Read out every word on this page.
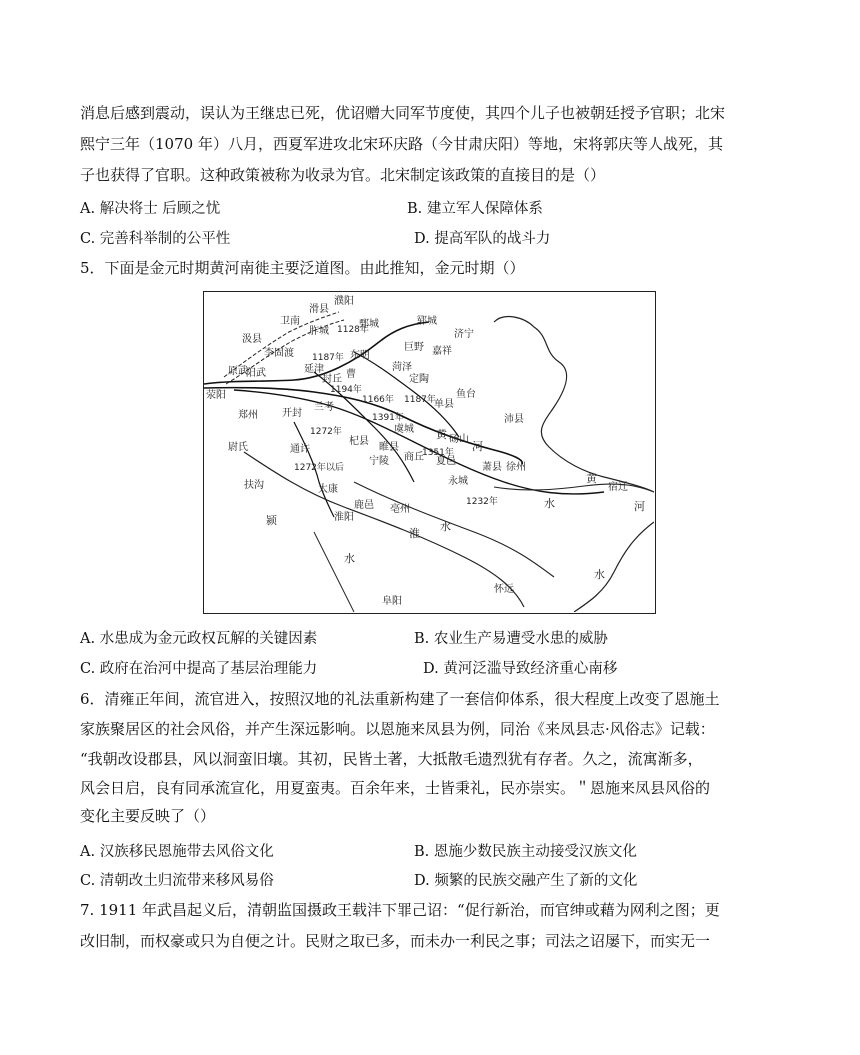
消息后感到震动，误认为王继忠已死，优诏赠大同军节度使，其四个儿子也被朝廷授予官职；北宋
熙宁三年（1070 年）八月，西夏军进攻北宋环庆路（今甘肃庆阳）等地，宋将郭庆等人战死，其
子也获得了官职。这种政策被称为收录为官。北宋制定该政策的直接目的是（）
A. 解决将士 后顾之忧	B. 建立军人保障体系
C. 完善科举制的公平性	D. 提高军队的战斗力
5．下面是金元时期黄河南徙主要泛道图。由此推知，金元时期（）
滑县
濮阳
卫南	鄄城	郓城
济宁
胙城
汲县
东明
巨野 嘉祥
李固渡
菏泽
定陶
阳武	延津
封丘 曹
单县
鱼台
原武
荥阳
开封
兰考
虞城
郑州
砀山
沛县
杞县
睢县
徐州
尉氏	通许
宁陵 商丘 夏邑
萧县
扶沟	太康
永城
宿迁
鹿邑 亳州
淮阳
怀远
阜阳
1128年
1187年
1194年
1351年
1166年 1187年
1272年
1232年
1391年
1272年以后
黄
河
黄
河
水
颍
水
淮
水
水
A. 水患成为金元政权瓦解的关键因素	B. 农业生产易遭受水患的威胁
C. 政府在治河中提高了基层治理能力	D. 黄河泛滥导致经济重心南移
6．清雍正年间，流官进入，按照汉地的礼法重新构建了一套信仰体系，很大程度上改变了恩施土
家族聚居区的社会风俗，并产生深远影响。以恩施来凤县为例，同治《来凤县志·风俗志》记载：
“我朝改设郡县，风以洞蛮旧壤。其初，民皆土著，大抵散毛遗烈犹有存者。久之，流寓渐多，
风会日启，良有同承流宣化，用夏蛮夷。百余年来，士皆秉礼，民亦崇实。＂恩施来凤县风俗的
变化主要反映了（）
A. 汉族移民恩施带去风俗文化	B. 恩施少数民族主动接受汉族文化
C. 清朝改土归流带来移风易俗	D. 频繁的民族交融产生了新的文化
7. 1911 年武昌起义后，清朝监国摄政王载沣下罪己诏：“促行新治，而官绅或藉为网利之图；更
改旧制，而权豪或只为自便之计。民财之取已多，而未办一利民之事；司法之诏屡下，而实无一
